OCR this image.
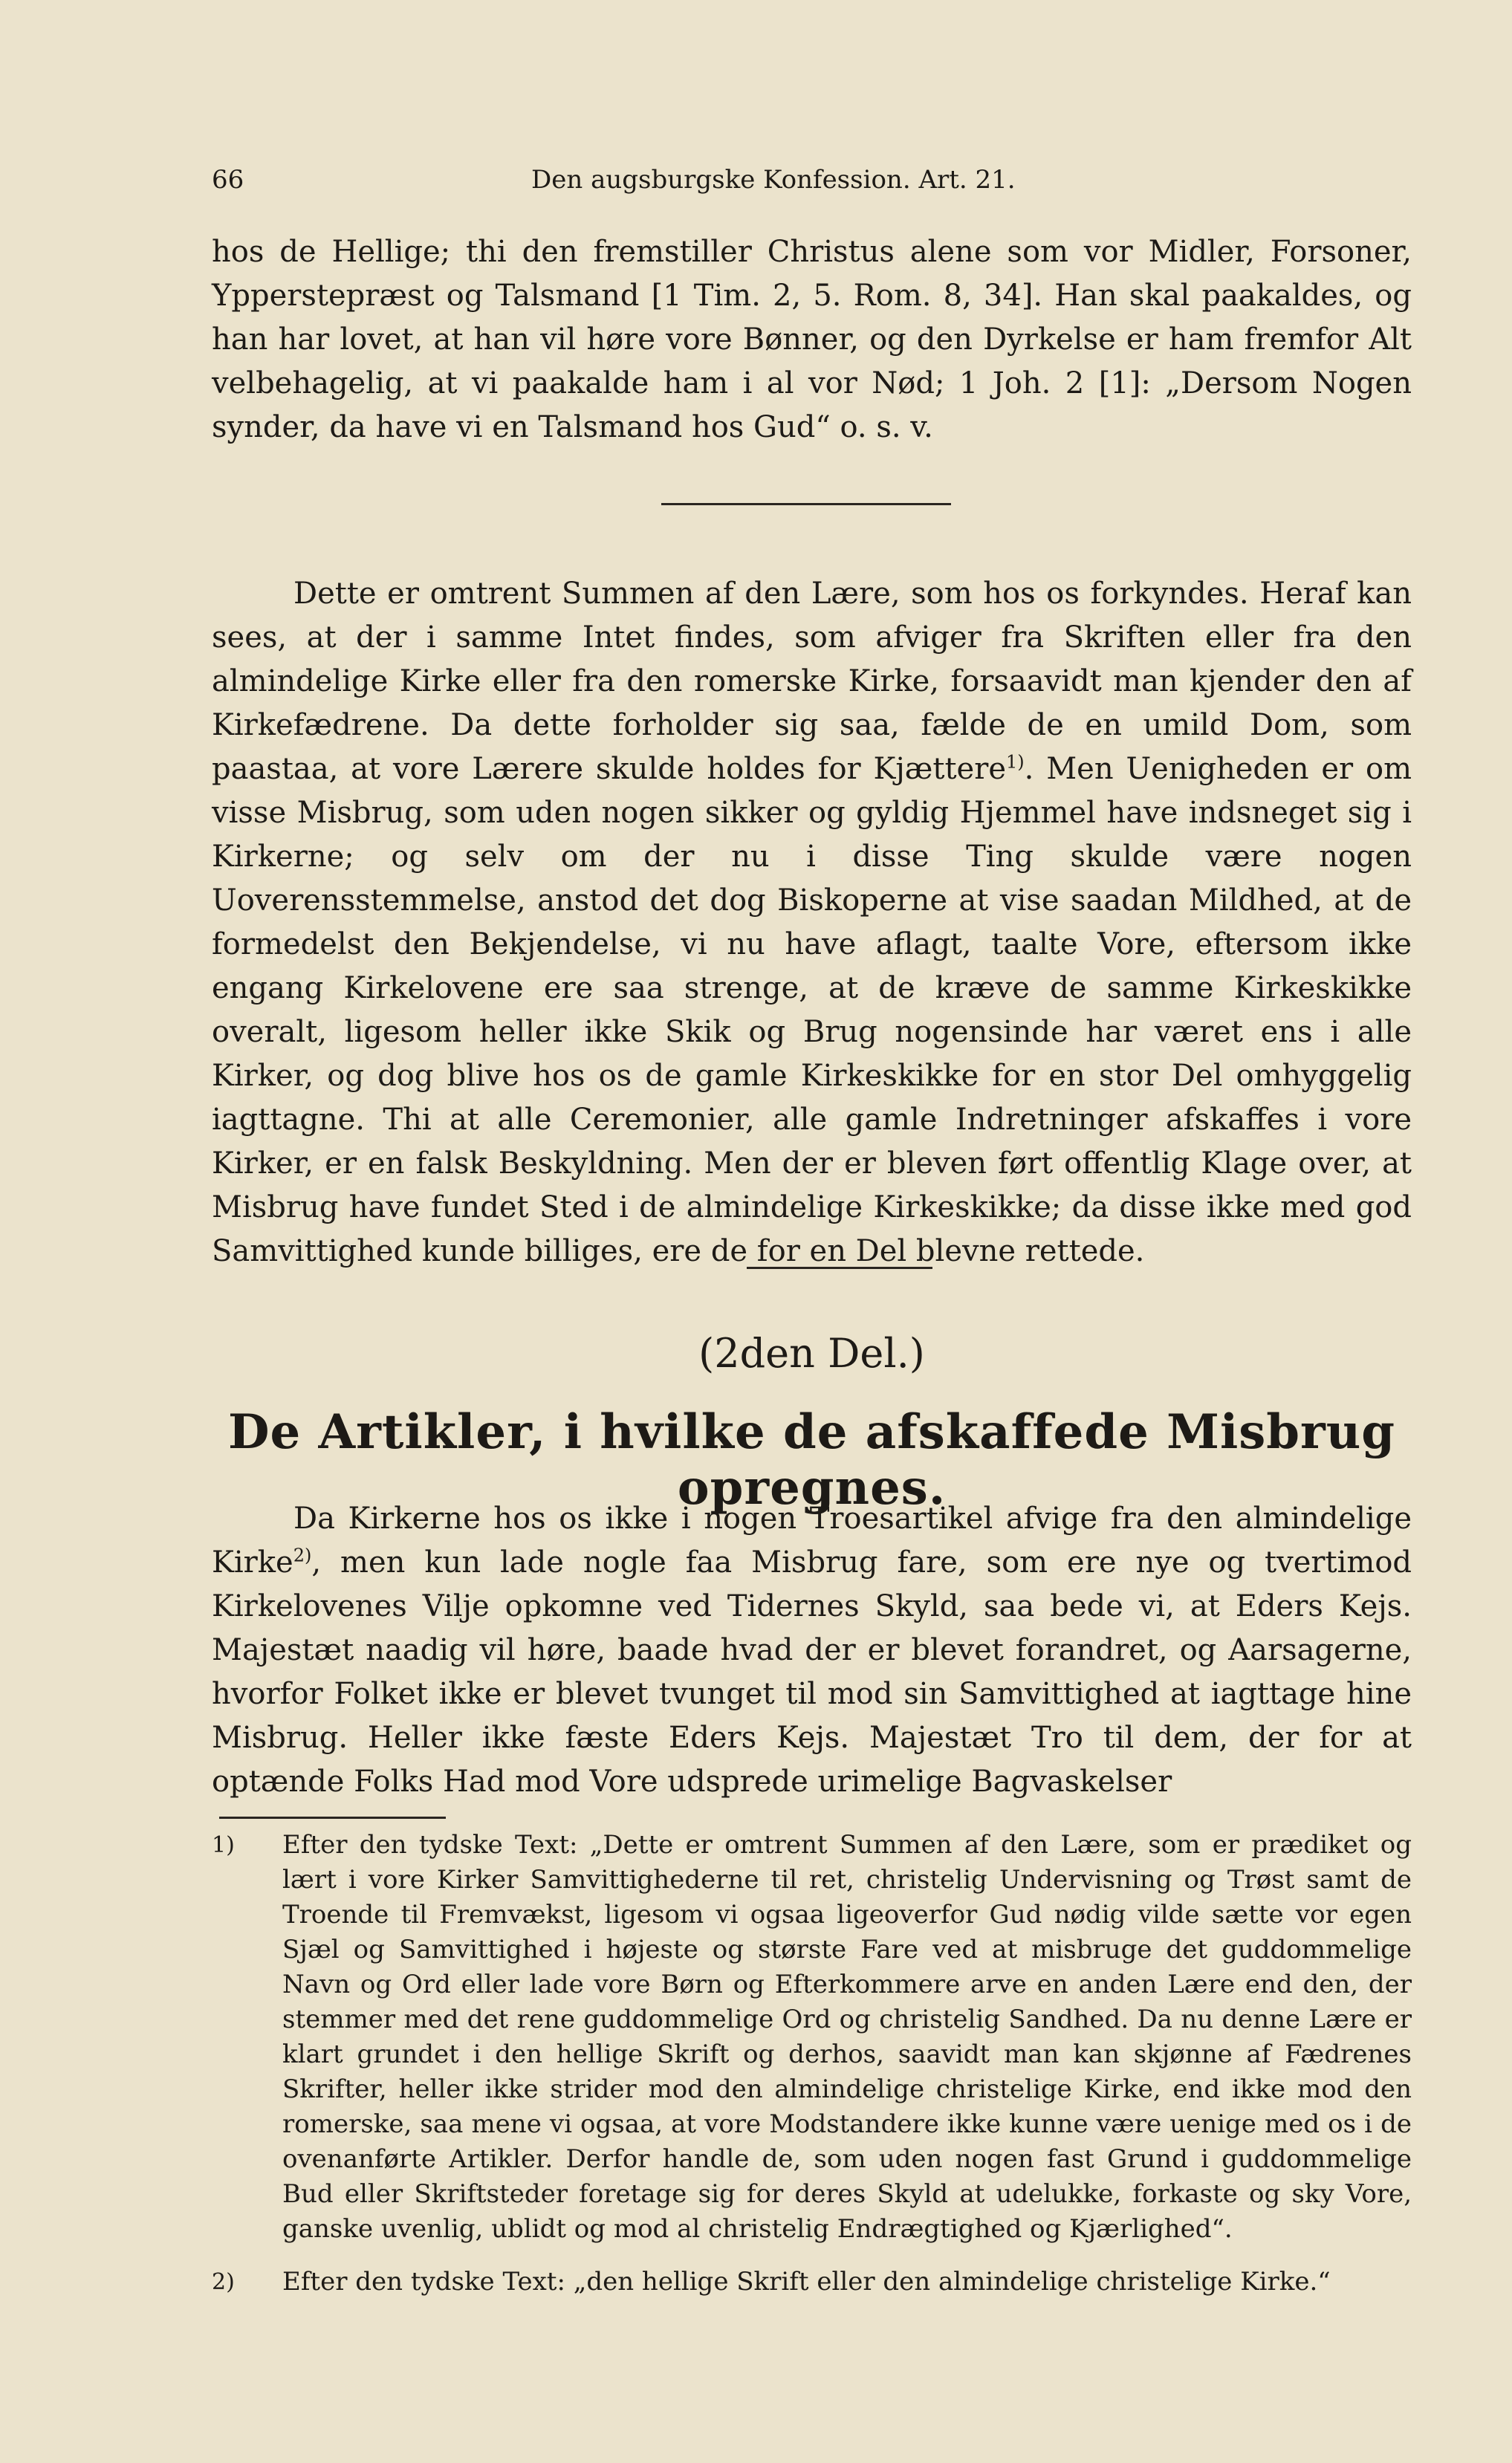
66	Den augsburgske Konfession. Art. 21.

hos de Hellige; thi den fremstiller Christus alene som vor Midler, Forsoner, Ypperstepræst og Talsmand [1 Tim. 2, 5. Rom. 8, 34]. Han skal paakaldes, og han har lovet, at han vil høre vore Bønner, og den Dyrkelse er ham fremfor Alt velbehagelig, at vi paakalde ham i al vor Nød; 1 Joh. 2 [1]: „Dersom Nogen synder, da have vi en Talsmand hos Gud“ o. s. v.

Dette er omtrent Summen af den Lære, som hos os forkyndes. Heraf kan sees, at der i samme Intet findes, som afviger fra Skriften eller fra den almindelige Kirke eller fra den romerske Kirke, forsaavidt man kjender den af Kirkefædrene. Da dette forholder sig saa, fælde de en umild Dom, som paastaa, at vore Lærere skulde holdes for Kjættere$^{1)}$. Men Uenigheden er om visse Misbrug, som uden nogen sikker og gyldig Hjemmel have indsneget sig i Kirkerne; og selv om der nu i disse Ting skulde være nogen Uoverensstemmelse, anstod det dog Biskoperne at vise saadan Mildhed, at de formedelst den Bekjendelse, vi nu have aflagt, taalte Vore, eftersom ikke engang Kirkelovene ere saa strenge, at de kræve de samme Kirkeskikke overalt, ligesom heller ikke Skik og Brug nogensinde har været ens i alle Kirker, og dog blive hos os de gamle Kirkeskikke for en stor Del omhyggelig iagttagne. Thi at alle Ceremonier, alle gamle Indretninger afskaffes i vore Kirker, er en falsk Beskyldning. Men der er bleven ført offentlig Klage over, at Misbrug have fundet Sted i de almindelige Kirkeskikke; da disse ikke med god Samvittighed kunde billiges, ere de for en Del blevne rettede.

(2den Del.)
De Artikler, i hvilke de afskaffede Misbrug opregnes.

Da Kirkerne hos os ikke i nogen Troesartikel afvige fra den almindelige Kirke$^{2)}$, men kun lade nogle faa Misbrug fare, som ere nye og tvertimod Kirkelovenes Vilje opkomne ved Tidernes Skyld, saa bede vi, at Eders Kejs. Majestæt naadig vil høre, baade hvad der er blevet forandret, og Aarsagerne, hvorfor Folket ikke er blevet tvunget til mod sin Samvittighed at iagttage hine Misbrug. Heller ikke fæste Eders Kejs. Majestæt Tro til dem, der for at optænde Folks Had mod Vore udsprede urimelige Bagvaskelser

1) Efter den tydske Text: „Dette er omtrent Summen af den Lære, som er prædiket og lært i vore Kirker Samvittighederne til ret, christelig Undervisning og Trøst samt de Troende til Fremvækst, ligesom vi ogsaa ligeoverfor Gud nødig vilde sætte vor egen Sjæl og Samvittighed i højeste og største Fare ved at misbruge det guddommelige Navn og Ord eller lade vore Børn og Efterkommere arve en anden Lære end den, der stemmer med det rene guddommelige Ord og christelig Sandhed. Da nu denne Lære er klart grundet i den hellige Skrift og derhos, saavidt man kan skjønne af Fædrenes Skrifter, heller ikke strider mod den almindelige christelige Kirke, end ikke mod den romerske, saa mene vi ogsaa, at vore Modstandere ikke kunne være uenige med os i de ovenanførte Artikler. Derfor handle de, som uden nogen fast Grund i guddommelige Bud eller Skriftsteder foretage sig for deres Skyld at udelukke, forkaste og sky Vore, ganske uvenlig, ublidt og mod al christelig Endrægtighed og Kjærlighed“.

2) Efter den tydske Text: „den hellige Skrift eller den almindelige christelige Kirke.“
